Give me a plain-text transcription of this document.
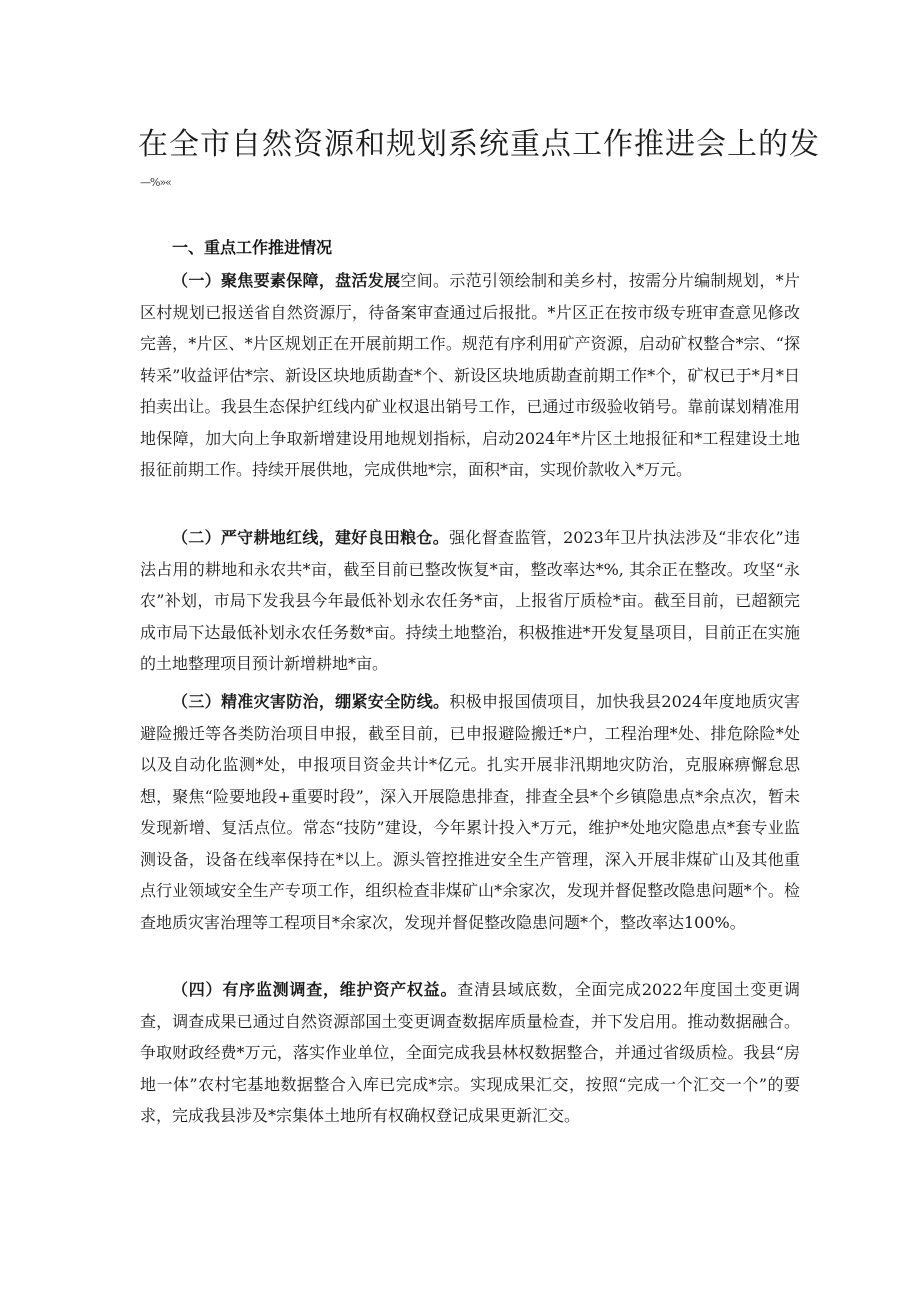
在全市自然资源和规划系统重点工作推进会上的发
—%»«
一、重点工作推进情况

（一）聚焦要素保障，盘活发展空间。示范引领绘制和美乡村，按需分片编制规划，*片区村规划已报送省自然资源厅，待备案审查通过后报批。*片区正在按市级专班审查意见修改完善，*片区、*片区规划正在开展前期工作。规范有序利用矿产资源，启动矿权整合*宗、“探转采”收益评估*宗、新设区块地质勘查*个、新设区块地质勘查前期工作*个，矿权已于*月*日拍卖出让。我县生态保护红线内矿业权退出销号工作，已通过市级验收销号。靠前谋划精准用地保障，加大向上争取新增建设用地规划指标，启动2024年*片区土地报征和*工程建设土地报征前期工作。持续开展供地，完成供地*宗，面积*亩，实现价款收入*万元。

（二）严守耕地红线，建好良田粮仓。强化督查监管，2023年卫片执法涉及“非农化”违法占用的耕地和永农共*亩，截至目前已整改恢复*亩，整改率达*%, 其余正在整改。攻坚“永农”补划，市局下发我县今年最低补划永农任务*亩，上报省厅质检*亩。截至目前，已超额完成市局下达最低补划永农任务数*亩。持续土地整治，积极推进*开发复垦项目，目前正在实施的土地整理项目预计新增耕地*亩。

（三）精准灾害防治，绷紧安全防线。积极申报国债项目，加快我县2024年度地质灾害避险搬迁等各类防治项目申报，截至目前，已申报避险搬迁*户，工程治理*处、排危除险*处以及自动化监测*处，申报项目资金共计*亿元。扎实开展非汛期地灾防治，克服麻痹懈怠思想，聚焦“险要地段+重要时段”，深入开展隐患排查，排查全县*个乡镇隐患点*余点次，暂未发现新增、复活点位。常态“技防”建设，今年累计投入*万元，维护*处地灾隐患点*套专业监测设备，设备在线率保持在*以上。源头管控推进安全生产管理，深入开展非煤矿山及其他重点行业领域安全生产专项工作，组织检查非煤矿山*余家次，发现并督促整改隐患问题*个。检查地质灾害治理等工程项目*余家次，发现并督促整改隐患问题*个，整改率达100%。

（四）有序监测调查，维护资产权益。查清县域底数，全面完成2022年度国土变更调查，调查成果已通过自然资源部国土变更调查数据库质量检查，并下发启用。推动数据融合。争取财政经费*万元，落实作业单位，全面完成我县林权数据整合，并通过省级质检。我县“房地一体”农村宅基地数据整合入库已完成*宗。实现成果汇交，按照“完成一个汇交一个”的要求，完成我县涉及*宗集体土地所有权确权登记成果更新汇交。
